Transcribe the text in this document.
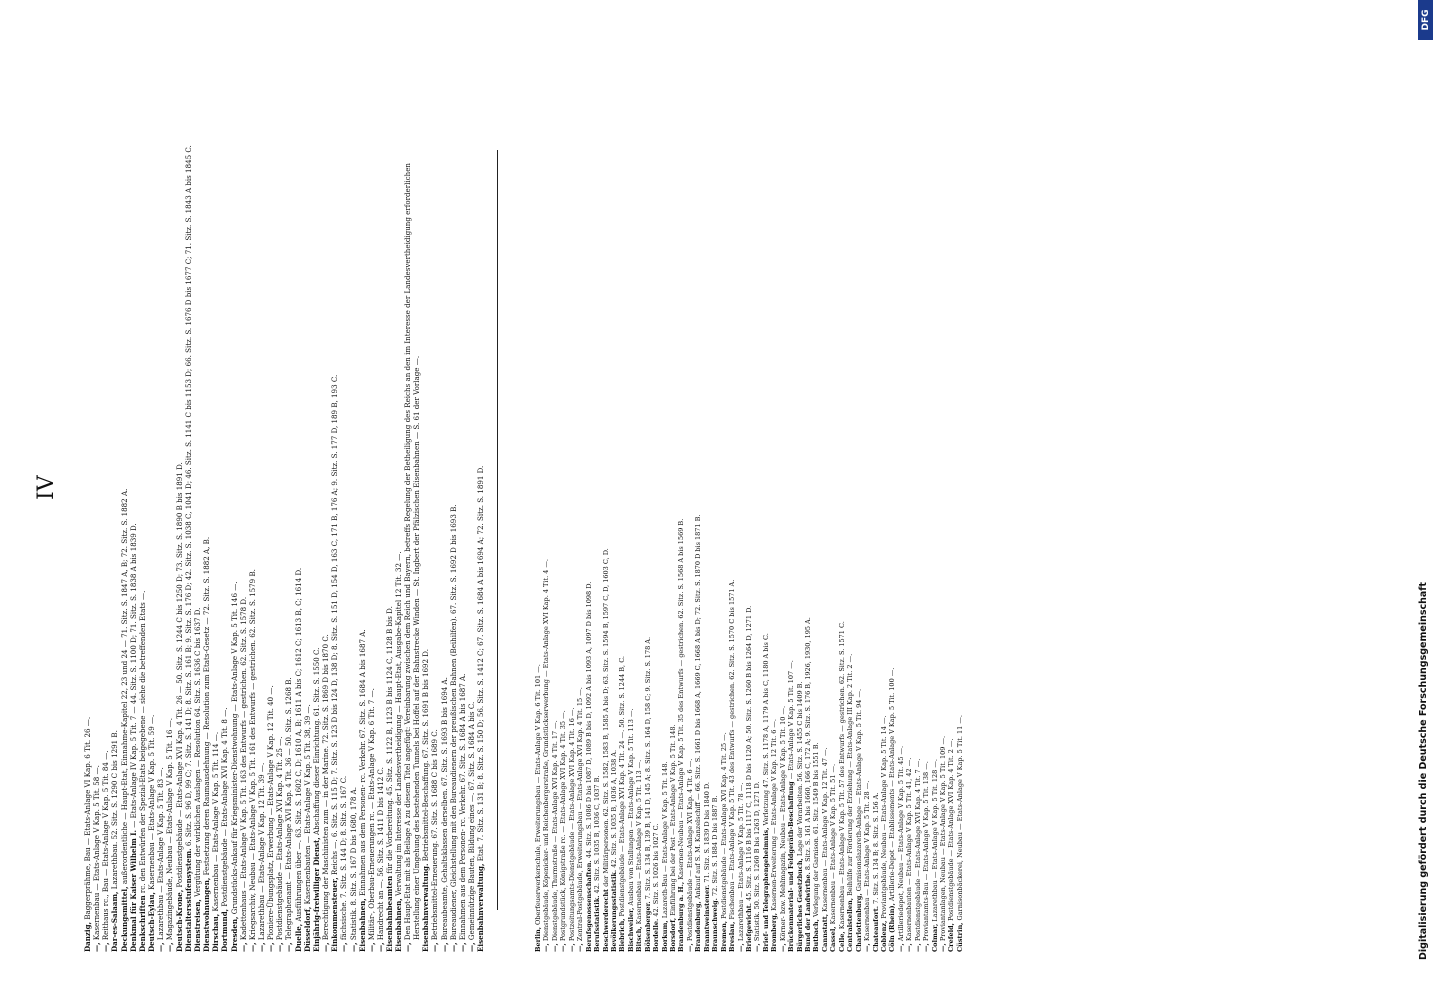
IV
Danzig, Baggerprähme, Bau — Etats-Anlage VI Kap. 6 Tit. 26 —.
—, Kasernenbau — Etats-Anlage V Kap. 5 Tit. 58 —.
—, Reithaus rc., Bau — Etats-Anlage V Kap. 5 Tit. 84 —. Dar-es-Salaam, Lazarethbau. 52. Sitz. S. 1290 C bis 1291 B.
Deckungsmittel, außerordentliche — Haupt-Etat, Einnahme-Kapitel 22, 23 und 24 — 71. Sitz. S. 1847 A, B; 72. Sitz. S. 1882 A.
Denkmal für Kaiser Wilhelm I. — Etats-Anlage IV Kap. 5 Tit. 7 — 44. Sitz. S. 1100 D; 71. Sitz. S. 1838 A bis 1839 D.
Denkschriften rc. den Entwürfen der Spezial-Etats beigegebene — siehe die betreffenden Etats —.
Deutsch-Eylau, Kasernenbau — Etats-Anlage V Kap. 5 Tit. 59 —.
—, Lazarethbau — Etats-Anlage V Kap. 5 Tit. 83 —.
—, Magazingebäude, Neubau — Etats-Anlage V Kap. 5 Tit. 16 —. Deutsch-Krone, Postdienstgebäude — Etats-Anlage XVI Kap. 4 Tit. 26 — 50. Sitz. S. 1244 C bis 1250 D; 73. Sitz. S. 1890 B bis 1891 D.
Dienstaltersstufensystem. 6. Sitz. S. 96 D, 99 C; 7. Sitz. S. 141 D; 8. Sitz. S. 161 B; 9. Sitz. S. 176 D; 42. Sitz. S. 1038 C, 1041 D; 46. Sitz. S. 1141 C bis 1153 D; 66. Sitz. S. 1676 D bis 1677 C; 71. Sitz. S. 1843 A bis 1845 C.
Dienstreisen, Vergütung der wirklichen Auslagen — Resolution 64. Sitz. S. 1636 C bis 1637 D.
Dienstwohnungen, Festsetzung deren Raumausdehnung — Resolution zum Etats-Gesetz — 72. Sitz. S. 1882 A, B.
Dirschau, Kasernenbau — Etats-Anlage V Kap. 5 Tit. 114 —.
Dortmund, Postdienstgebäude — Etats-Anlage XVI Kap. 4 Tit. 8 —.
Dresden, Grundstücks-Ankauf für Kriegsminister-Dienstwohnung — Etats-Anlage V Kap. 5 Tit. 146 —.
—, Kadettenhaus — Etats-Anlage V Kap. 5 Tit. 163 des Entwurfs — gestrichen. 62. Sitz. S. 1578 D.
—, Kriegsarchiv, Neubau — Etats-Anlage V Kap. 5 Tit. 161 des Entwurfs — gestrichen. 62. Sitz. S. 1579 B.
—, Lazarethbau — Etats-Anlage V Kap. 12 Tit. 39 —.
—, Pioniere-Übungsplatz, Erwerbung — Etats-Anlage V Kap. 12 Tit. 40 —.
—, Postdienstgebäude — Etats-Anlage XVI Kap. 4 Tit. 25 —.
—, Telegraphenamt — Etats-Anlage XVI Kap. 4 Tit. 36 — 50. Sitz. S. 1268 B. Duelle, Ausführungen über —. 63. Sitz. S. 1602 C, D; 1610 A, B; 1611 A bis C; 1612 C; 1613 B, C; 1614 D.
Düsseldorf, Kasernenbauten — Etats-Anlage V Kap. 5 Tit. 38, 39 —. Einjährig-freiwilliger Dienst, Abschaffung dieser Einrichtung. 61. Sitz. S. 1550 C.
—, Berechtigung der Maschinisten zum — in der Marine. 72. Sitz. S. 1869 D bis 1870 C. Einkommensteuer, Reichs —. 6. Sitz. S. 115 D; 7. Sitz. S. 123 D bis 124 D, 138 D; 8. Sitz. S. 151 D, 154 D, 163 C, 171 B, 176 A; 9. Sitz. S. 177 D, 189 B, 193 C.
—, fächsische. 7. Sitz. S. 144 D; 8. Sitz. S. 167 C.
—, Statistik. 8. Sitz. S. 167 D bis 1680, 178 A. Eisenbahnen, Einnahmen aus dem Personen- rc. Verkehr. 67. Sitz. S. 1684 A bis 1687 A.
—, Militär-, Oberbau-Erneuerungen rc. — Etats-Anlage V Kap. 6 Tit. 7 —.
—, Handrecht an —. 56. Sitz. S. 1411 D bis 1412 C. Eisenbahnbeamten für die Vorbereitung. 45. Sitz. S. 1122 B, 1123 B bis 1124 C, 1128 B bis D.
Eisenbahnen, Verwaltung im Interesse der Landesvertheidigung — Haupt-Etat, Ausgabe-Kapitel 12 Tit. 32 —.
—, Den Haupt-Etat mit als Beilage A zu diesem Titel angefügt: Vereinbarung zwischen dem Reich und Bayern, betreffs Regelung der Betheiligung des Reichs an den im Interesse der Landesvertheidigung erforderlichen Herstellung einer Umgehung des bestehenden Tunnels bei Hoffel auf der Bahnstrecke Winden — St. Ingbert der Pfälzischen Eisenbahnen — S. 61 der Vorlage —. Eisenbahnverwaltung. Betriebsmittel-Beschaffung. 67. Sitz. S. 1691 B bis 1692 D.
—, Betriebsmittel-Erneuerung. 67. Sitz. S. 1688 C bis 1689 C.
—, Bureaubeamte, Gehaltsklassen derselben. 67. Sitz. S. 1693 B bis 1694 A.
—, Bureaudiener, Gleichstellung mit den Bureaudienern der preußischen Bahnen (Beihilfen). 67. Sitz. S. 1692 D bis 1693 B.
—, Einnahmen aus dem Personen- rc. Verkehr. 67. Sitz. S. 1684 A bis 1687 A.
—, Gemeinnützige Bauten, Bildung eines —. 67. Sitz. S. 1684 A bis C. Eisenbahnverwaltung, Etat. 7. Sitz. S. 131 B; 8. Sitz. S. 150 D; 56. Sitz. S. 1412 C; 67. Sitz. S. 1684 A bis 1694 A; 72. Sitz. S. 1891 D.
Berlin, Oberfeuerwerkerschule, Erweiterungsbau — Etats-Anlage V Kap. 6 Tit. 101 —.
—, Dienstgebäude, Köpenicker- und Reichenbergerstraße, Grundstückserwerbung — Etats-Anlage XVI Kap. 4 Tit. 4 —.
—, Dienstgebäude, Thurmstraße — Etats-Anlage XVI Kap. 4 Tit. 17 —.
—, Postgrundstück, Königstraße rc. — Etats-Anlage XVI Kap. 4 Tit. 35 —.
—, Postzeitungsamts-Dienstgebäude — Etats-Anlage XVI Kap. 4 Tit. 16 —.
—, Zentral-Postgebäude, Erweiterungsbau — Etats-Anlage XVI Kap. 4 Tit. 15 —. Berufsgenossenschaften. 44. Sitz. S. 1086 D bis 1087 D, 1089 B bis D, 1092 A bis 1093 A, 1097 D bis 1098 D.
Berufsstatistik. 42. Sitz. S. 1035 B, 1036 C, 1037 B.
Beschwerderecht der Militärpersonen. 62. Sitz. S. 1582, 1583 B, 1585 A bis D; 63. Sitz. S. 1594 B, 1597 C, D, 1603 C, D.
Bevölkerungsstatistik. 42. Sitz. S. 1035 B, 1036 A, 1038 A.
Biebrich, Postdienstgebäude — Etats-Anlage XVI Kap. 4 Tit. 24 —. 50. Sitz. S. 1244 B, C.
Bischweiler, Ausbau von Stallungen — Etats-Anlage V Kap. 5 Tit. 113 —.
Bitsch, Kasernenbau — Etats-Anlage V Kap. 5 Tit. 113 —.
Bölsenberger. 7. Sitz. S. 134 B, 139 B, 141 D, 145 A; 8. Sitz. S. 164 D, 158 C; 9. Sitz. S. 178 A.
Bordelle. 42. Sitz. S. 1026 bis 1027 C.
Borkum, Lazareth-Bau — Etats-Anlage V Kap. 5 Tit. 148.
Borsdorf, Einführung bei der Post — Etats-Anlage V Kap. 5 Tit. 148.
Brandenburg a. H., Kasernen-Neubau — Etats-Anlage V Kap. 5 Tit. 35 des Entwurfs — gestrichen. 62. Sitz. S. 1568 A bis 1569 B.
—, Postdienstgebäude — Etats-Anlage XVI Kap. 4 Tit. 6 —. Brandenburg, Ankauf auf S. M. Kanzelschiff — 66. Sitz. S. 1661 D bis 1668 A, 1669 C, 1668 A bis D; 72. Sitz. S. 1870 D bis 1871 B.
Branntweinsteuer. 71. Sitz. S. 1839 D bis 1840 D.
Braunschweig. 72. Sitz. S. 1884 D bis 1887 B.
Bremen, Postdienstgebäude — Etats-Anlage XVI Kap. 4 Tit. 25 —.
Breslau, Fischenbau — Etats-Anlage V Kap. 5 Tit. 43 des Entwurfs — gestrichen. 62. Sitz. S. 1570 C bis 1571 A.
—, Lazarethbau — Etats-Anlage V Kap. 5 Tit. 78 —. Briefgewicht. 45. Sitz. S. 1116 B bis 1117 C, 1118 D bis 1120 A; 50. Sitz. S. 1260 B bis 1264 D, 1271 D.
—, Statistik. 50. Sitz. S. 1260 B bis 1263 D, 1271 D. Brief- und Telegraphengeheimnis, Verletzung 47. Sitz. S. 1178 A, 1179 A bis C, 1180 A bis C.
Bromberg, Kasernen-Erweiterung — Etats-Anlage V Kap. 12 Tit. 6 —.
—, Körner- bzw. Mehlmagazin, Neubau — Etats-Anlage V Kap. 5 Tit. 10 —. Brückenmaterial- und Feldgeräth-Beschaffung — Etats-Anlage V Kap. 5 Tit. 107 —.
Bürgerliches Gesetzbuch, Lage der Vorarbeiten. 56. Sitz. S. 1455 C bis 1409 B.
Bund der Landwirthe. 8. Sitz. S. 161 A bis 1660, 166 C, 172 A; 9. Sitz. S. 176 B, 1926, 1930, 195 A.
Butbach, Verlegung der Garnison. 61. Sitz. 1549 B bis 1551 B.
Cannstatt, Kasernenbau — Etats-Anlage V Kap. 12 Tit. 47 —.
Cassel, Kasernenbau — Etats-Anlage V Kap. 5 Tit. 51 —.
Celle, Kasernenbau — Etats-Anlage V Kap. 5 Tit. 57 des Entwurfs — gestrichen. 62. Sitz. S. 1571 C. Centralstellen, Beihülfe zur Förderung der Erziehung — Etats-Anlage III Kap. 2 Tit. 2 —.
Charlottenburg, Garnisonslazareth-Anlage — Etats-Anlage V Kap. 5 Tit. 94 —.
—, Kasernenbau — Etats-Anlage V Kap. 5 Tit. 28 —. Chateaufort. 7. Sitz. S. 134 B; 8. Sitz. S. 156 A.
Coblenz, Proviantgebäude, Neubau — Etats-Anlage V Kap. 5 Tit. 14 —.
Cöln (Rhein), Artillerie-Depot — Etablissements — Etats-Anlage V Kap. 5 Tit. 100 —.
—, Artilleriedepot, Neubau — Etats-Anlage V Kap. 5 Tit. 45 —.
—, Kasernenbauten — Etats-Anlage V Kap. 5 Tit. 41, 42 —.
—, Postdienstgebäude — Etats-Anlage XVI Kap. 4 Tit. 7 —.
—, Proviantamts-Bau — Etats-Anlage V Kap. 5 Tit. 138 —. Colmar, Lazarethbau — Etats-Anlage V Kap. 5 Tit. 128 —.
—, Proviantanlagen, Neubau — Etats-Anlage V Kap. 5 Tit. 109 —. Crefeld, Postdienstgebäude — Etats-Anlage XVI Kap. 4 Tit. 2 —.
Cüstrin, Garnisonbäckerei, Neubau — Etats-Anlage V Kap. 5 Tit. 11 —.	Digitalisierung gefördert durch die Deutsche Forschungsgemeinschaft
DFG
